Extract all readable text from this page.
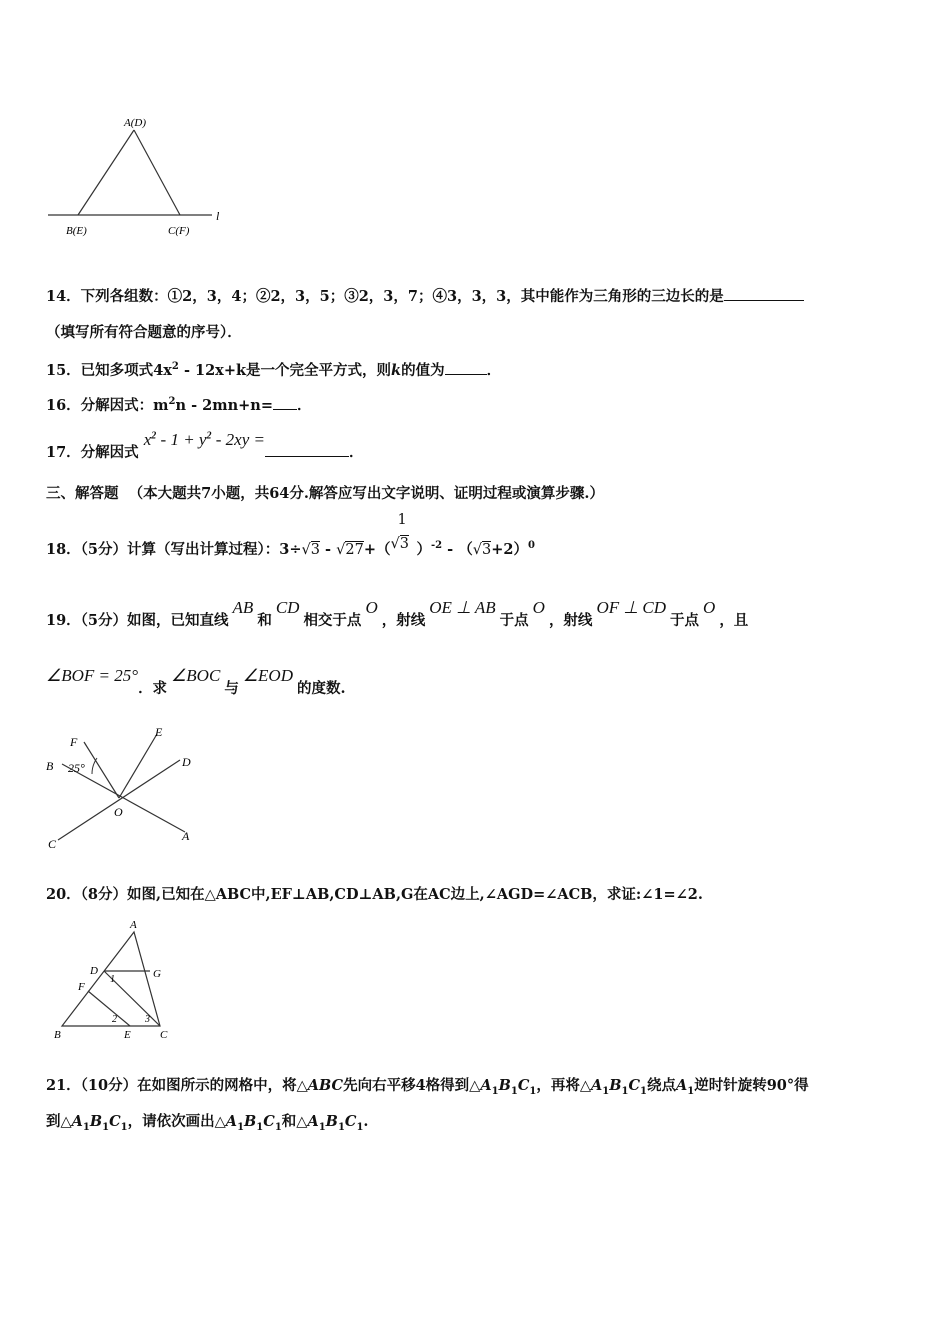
A(D)
B(E)	C(F)
l
14．下列各组数：①2，3，4；②2，3，5；③2，3，7；④3，3，3，其中能作为三角形的三边长的是
（填写所有符合题意的序号）．
15．已知多项式$4x^2 - 12x+k$是一个完全平方式，则k的值为	．
16．分解因式：$m^2n - 2mn+n=$ ．
17．分解因式 $x^2 - 1 + y^2 - 2xy$ =．
三、解答题 （本大题共7小题，共64分.解答应写出文字说明、证明过程或演算步骤.）
18．（5分）计算（写出计算过程）：3÷√3 - √27+（
1
√3 ）$^{-2} - (√3+2)^0$
19．（5分）如图，已知直线AB和CD相交于点O，射线OE ⊥ AB于点O，射线OF ⊥ CD于点O，且
∠BOF = 25°．求∠BOC与∠EOD的度数.
F
E
B 25°	D
O
C
A
20．（8分）如图,已知在△ABC中,EF⊥AB,CD⊥AB,G在AC边上,∠AGD=∠ACB，求证:∠1=∠2.
A
D	G
F
1
2	3
B	E	C
21．（10分）在如图所示的网格中，将△ABC先向右平移4格得到$\triangle A_1B_1C_1$，再将$\triangle A_1B_1C_1$绕点$A_1$逆时针旋转90°得
到$\triangle A_1B_1C_1$，请依次画出$\triangle A_1B_1C_1$和$\triangle A_1B_1C_1$.
